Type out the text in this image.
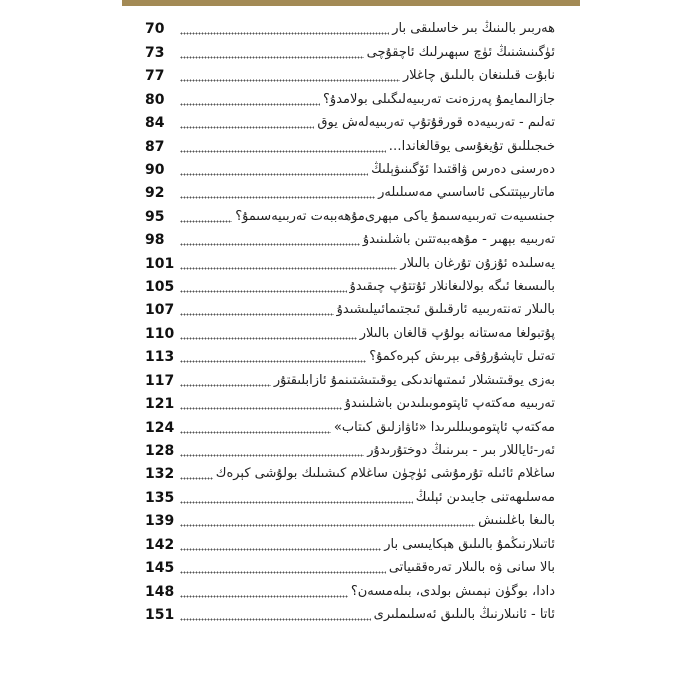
70	ھەربىر بالىنىڭ بىر خاسلىقى بار
73	ئۈگىنىشنىڭ ئۈچ سېھىرلىك ئاچقۇچى
77	نابۇت قىلىنغان بالىلىق چاغلار
80	جازالىمايمۇ پەرزەنت تەربىيەلىگىلى بولامدۇ؟
84	تەلىم - تەربىيەدە قورقۇتۇپ تەربىيەلەش يوق
87	خىجىللىق تۇيغۇسى يوقالغاندا…
90	دەرسنى دەرس ۋاقتىدا ئۆگىنىۋېلىڭ
92	ماتارىيېتتىكى ئاساسىي مەسىلىلەر
95	جىنسىيەت تەربىيەسىمۇ ياكى مېھرى‌مۇھەببەت تەربىيەسىمۇ؟
98	تەربىيە بېھىر - مۇھەببەتتىن باشلىنىدۇ
101	يەسلىدە ئۇزۇن تۇرغان بالىلار
105	بالىسىغا ئىگە بولالىغانلار ئۇتتۇپ چىقىدۇ
107	بالىلار تەنتەربىيە ئارقىلىق ئىجتىمائىيلىشىدۇ
110	پۇتبولغا مەستانە بولۇپ قالغان بالىلار
113	تەتىل تاپشۇرۇقى بېرىش كېرەكمۇ؟
117	بەزى يوقىتىشلار ئىمتىھاندىكى يوقىتىشتىنمۇ ئازابلىقتۇر
121	تەربىيە مەكتەپ ئاپتوموبىلىدىن باشلىنىدۇ
124	مەكتەپ ئاپتوموبىللىرىدا «ئاۋازلىق كىتاب»
128	ئەر-ئاياللار بىر - بىرىنىڭ دوختۇرىدۇر
132	ساغلام ئائىلە تۇرمۇشى ئۈچۈن ساغلام كىشىلىك بولۇشى كېرەك
135	مەسلىھەتنى جايىدىن ئېلىڭ
139	بالىغا باغلىنىش
142	ئاتىلارنىڭمۇ بالىلىق ھېكايىسى بار
145	بالا سانى ۋە بالىلار تەرەققىياتى
148	دادا، بوگۈن نېمىش بولدى، بىلەمسەن؟
151	ئاتا - ئانىلارنىڭ بالىلىق ئەسلىملىرى
